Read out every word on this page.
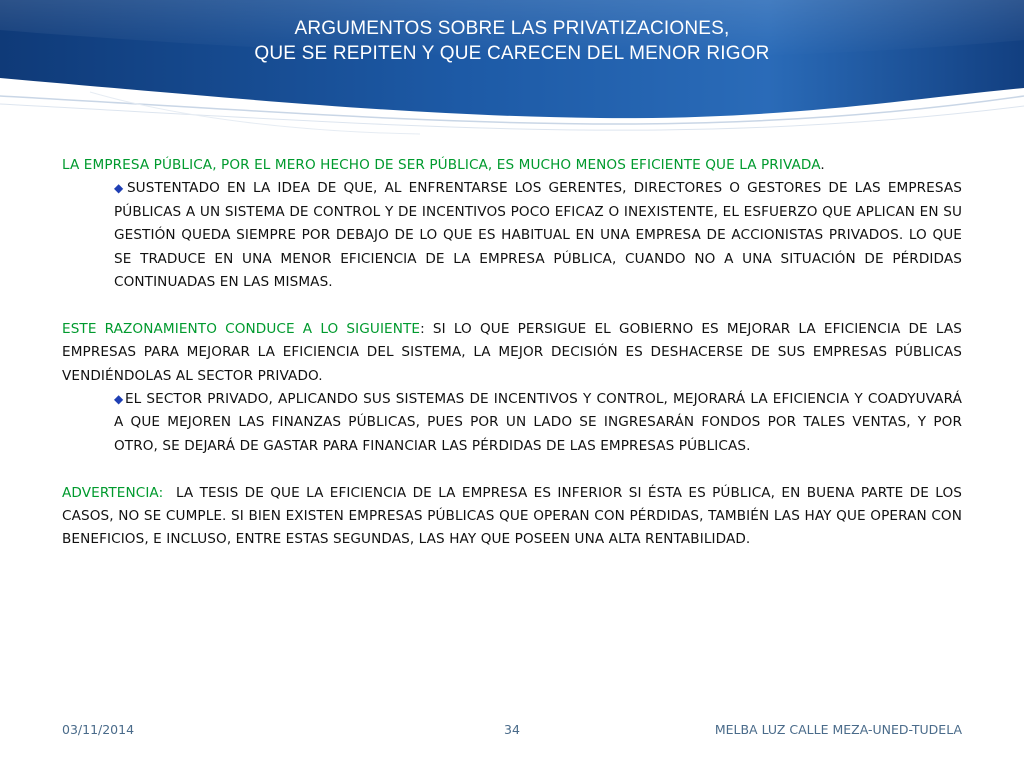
ARGUMENTOS SOBRE LAS PRIVATIZACIONES,
QUE SE REPITEN Y QUE CARECEN DEL MENOR RIGOR

LA EMPRESA PÚBLICA, POR EL MERO HECHO DE SER PÚBLICA, ES MUCHO MENOS EFICIENTE QUE LA PRIVADA.

◆SUSTENTADO EN LA IDEA DE QUE, AL ENFRENTARSE LOS GERENTES, DIRECTORES O GESTORES DE LAS EMPRESAS PÚBLICAS A UN SISTEMA DE CONTROL Y DE INCENTIVOS POCO EFICAZ O INEXISTENTE, EL ESFUERZO QUE APLICAN EN SU GESTIÓN QUEDA SIEMPRE POR DEBAJO DE LO QUE ES HABITUAL EN UNA EMPRESA DE ACCIONISTAS PRIVADOS. LO QUE SE TRADUCE EN UNA MENOR EFICIENCIA DE LA EMPRESA PÚBLICA, CUANDO NO A UNA SITUACIÓN DE PÉRDIDAS CONTINUADAS EN LAS MISMAS.

ESTE RAZONAMIENTO CONDUCE A LO SIGUIENTE: SI LO QUE PERSIGUE EL GOBIERNO ES MEJORAR LA EFICIENCIA DE LAS EMPRESAS PARA MEJORAR LA EFICIENCIA DEL SISTEMA, LA MEJOR DECISIÓN ES DESHACERSE DE SUS EMPRESAS PÚBLICAS VENDIÉNDOLAS AL SECTOR PRIVADO.

◆EL SECTOR PRIVADO, APLICANDO SUS SISTEMAS DE INCENTIVOS Y CONTROL, MEJORARÁ LA EFICIENCIA Y COADYUVARÁ A QUE MEJOREN LAS FINANZAS PÚBLICAS, PUES POR UN LADO SE INGRESARÁN FONDOS POR TALES VENTAS, Y POR OTRO, SE DEJARÁ DE GASTAR PARA FINANCIAR LAS PÉRDIDAS DE LAS EMPRESAS PÚBLICAS.

ADVERTENCIA:  LA TESIS DE QUE LA EFICIENCIA DE LA EMPRESA ES INFERIOR SI ÉSTA ES PÚBLICA, EN BUENA PARTE DE LOS CASOS, NO SE CUMPLE. SI BIEN EXISTEN EMPRESAS PÚBLICAS QUE OPERAN CON PÉRDIDAS, TAMBIÉN LAS HAY QUE OPERAN CON BENEFICIOS, E INCLUSO, ENTRE ESTAS SEGUNDAS, LAS HAY QUE POSEEN UNA ALTA RENTABILIDAD.

03/11/2014	34	MELBA LUZ CALLE MEZA-UNED-TUDELA
